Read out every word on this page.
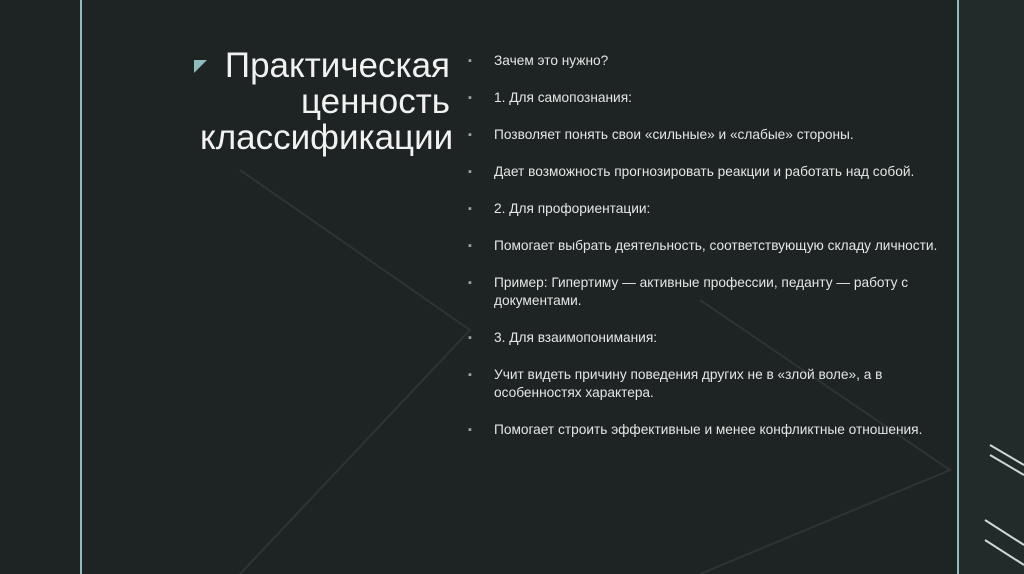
Практическая
ценность
классификации
▪ Зачем это нужно?
▪ 1. Для самопознания:
▪ Позволяет понять свои «сильные» и «слабые» стороны.
▪ Дает возможность прогнозировать реакции и работать над собой.
▪ 2. Для профориентации:
▪ Помогает выбрать деятельность, соответствующую складу личности.
▪ Пример: Гипертиму — активные профессии, педанту — работу с документами.
▪ 3. Для взаимопонимания:
▪ Учит видеть причину поведения других не в «злой воле», а в особенностях характера.
▪ Помогает строить эффективные и менее конфликтные отношения.
